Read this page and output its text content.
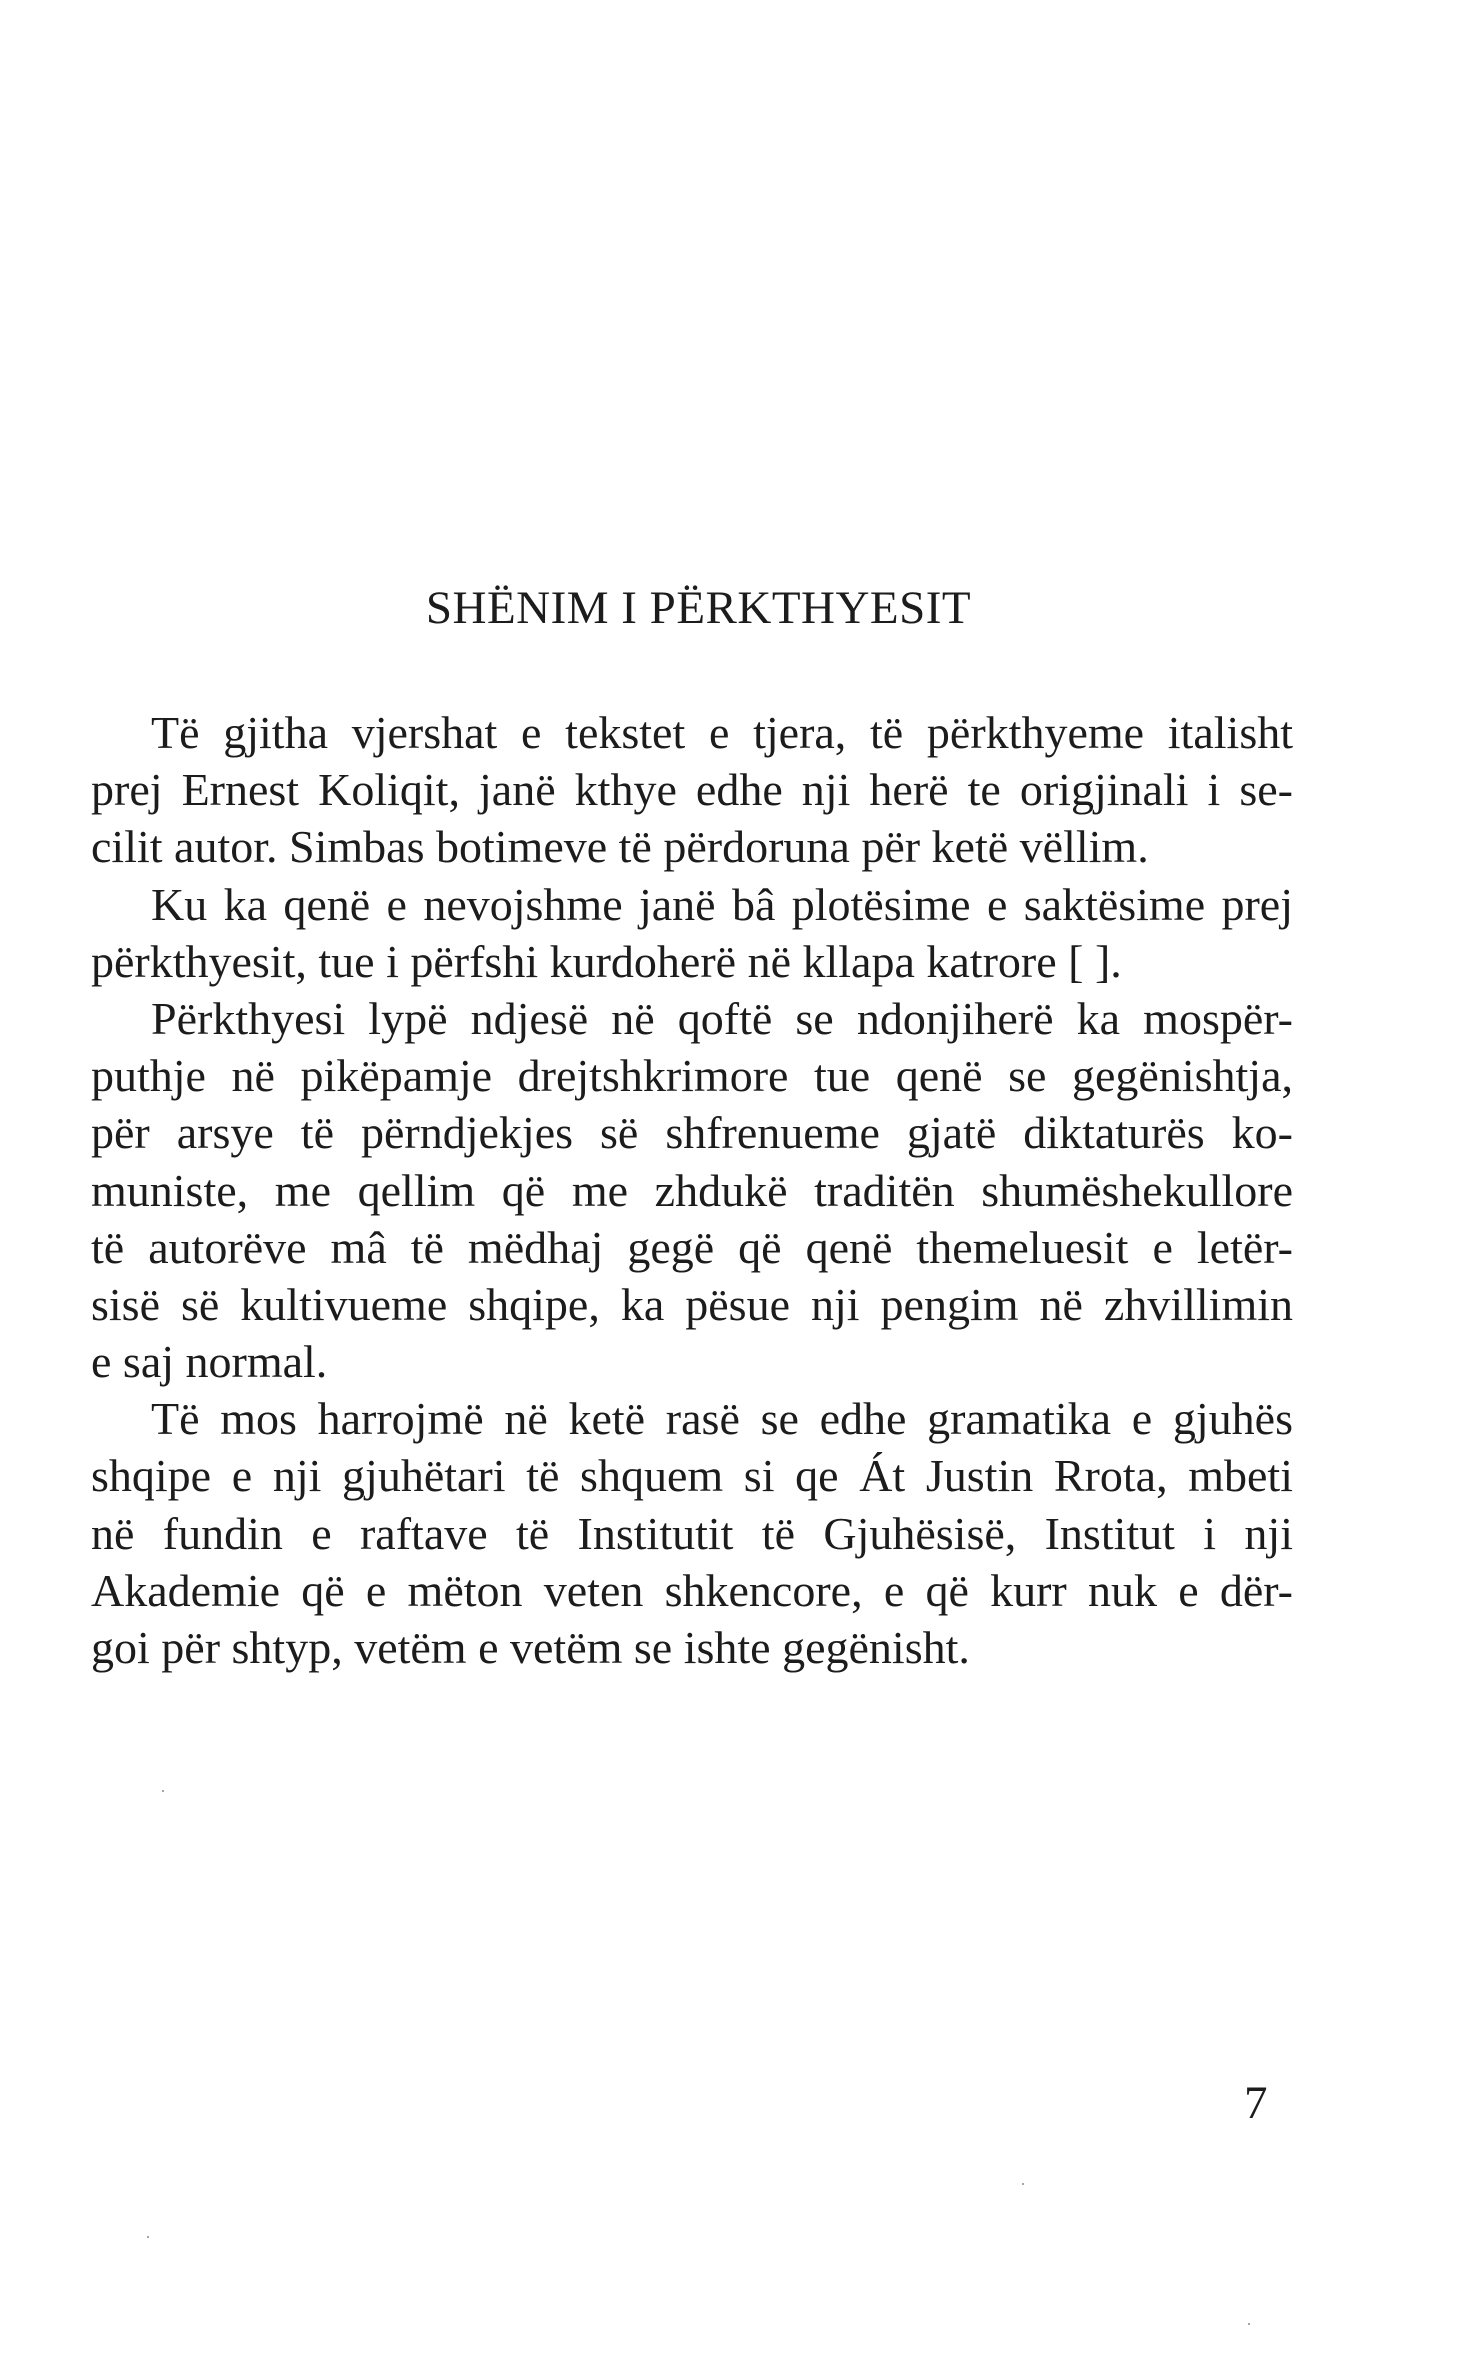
SHËNIM I PËRKTHYESIT
Të gjitha vjershat e tekstet e tjera, të përkthyeme italisht
prej Ernest Koliqit, janë kthye edhe nji herë te origjinali i se-
cilit autor. Simbas botimeve të përdoruna për ketë vëllim.
Ku ka qenë e nevojshme janë bâ plotësime e saktësime prej
përkthyesit, tue i përfshi kurdoherë në kllapa katrore [ ].
Përkthyesi lypë ndjesë në qoftë se ndonjiherë ka mospër-
puthje në pikëpamje drejtshkrimore tue qenë se gegënishtja,
për arsye të përndjekjes së shfrenueme gjatë diktaturës ko-
muniste, me qellim që me zhdukë traditën shumëshekullore
të autorëve mâ të mëdhaj gegë që qenë themeluesit e letër-
sisë së kultivueme shqipe, ka pësue nji pengim në zhvillimin
e saj normal.
Të mos harrojmë në ketë rasë se edhe gramatika e gjuhës
shqipe e nji gjuhëtari të shquem si qe Át Justin Rrota, mbeti
në fundin e raftave të Institutit të Gjuhësisë, Institut i nji
Akademie që e mëton veten shkencore, e që kurr nuk e dër-
goi për shtyp, vetëm e vetëm se ishte gegënisht.
7
